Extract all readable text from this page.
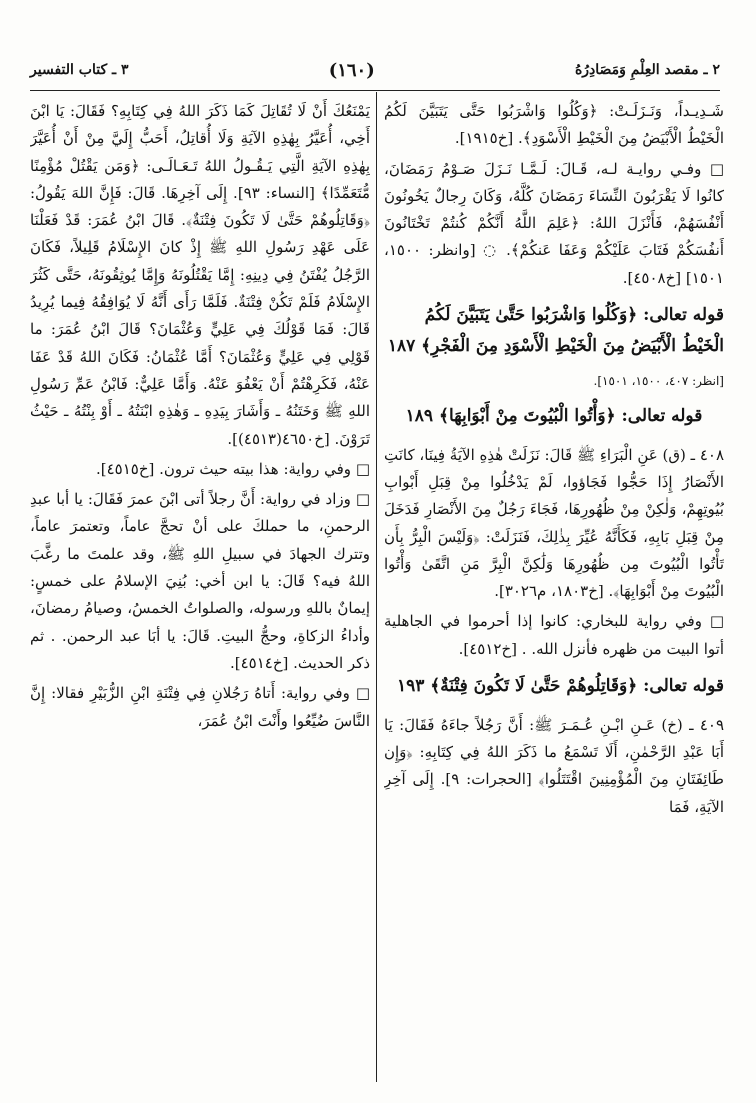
٢ ـ مقصد العِلْمِ وَمَصَادِرُهُ
(١٦٠)
٣ ـ كتاب التفسير

شَـدِيـداً، وَنَـزَلَـتْ: ﴿وَكُلُوا وَاشْرَبُوا حَتَّى يَتَبَيَّنَ لَكُمُ الْخَيْطُ الْأَبْيَضُ مِنَ الْخَيْطِ الْأَسْوَدِ﴾. [خ١٩١٥].

□ وفـي روايـة لـه، قَـالَ: لَـمَّـا نَـزَلَ صَـوْمُ رَمَضَانَ، كانُوا لَا يَقْرَبُونَ النِّسَاءَ رَمَضَانَ كُلَّهُ، وَكَانَ رِجالٌ يَخُونُونَ أَنْفُسَهُمْ، فَأَنْزَلَ اللهُ: ﴿عَلِمَ اللَّهُ أَنَّكُمْ كُنتُمْ تَخْتَانُونَ أَنفُسَكُمْ فَتَابَ عَلَيْكُمْ وَعَفَا عَنكُمْ﴾. ◌ [وانظر: ١٥٠٠، ١٥٠١] [خ٤٥٠٨].

قوله تعالى: ﴿وَكُلُوا وَاشْرَبُوا حَتَّىٰ يَتَبَيَّنَ لَكُمُ الْخَيْطُ الْأَبْيَضُ مِنَ الْخَيْطِ الْأَسْوَدِ مِنَ الْفَجْرِ﴾ ١٨٧

[انظر: ٤٠٧، ١٥٠٠، ١٥٠١].

قوله تعالى: ﴿وَأْتُوا الْبُيُوتَ مِنْ أَبْوَابِهَا﴾ ١٨٩

٤٠٨ ـ (ق) عَنِ الْبَرَاءِ ﷺ قَالَ: نَزَلَتْ هٰذِهِ الآيَةُ فِينَا، كانَتِ الأَنْصَارُ إِذَا حَجُّوا فَجَاؤوا، لَمْ يَدْخُلُوا مِنْ قِبَلِ أَبْوابِ بُيُوتِهِمْ، وَلٰكِنْ مِنْ ظُهُورِهَا، فَجَاءَ رَجُلٌ مِنَ الأَنْصَارِ فَدَخَلَ مِنْ قِبَلِ بَابِهِ، فَكَأَنَّهُ عُيِّرَ بِذٰلِكَ، فَنَزَلَتْ: ﴿وَلَيْسَ الْبِرُّ بِأَن تَأْتُوا الْبُيُوتَ مِن ظُهُورِهَا وَلَٰكِنَّ الْبِرَّ مَنِ اتَّقَىٰ وَأْتُوا الْبُيُوتَ مِنْ أَبْوَابِهَا﴾. [خ١٨٠٣، م٣٠٢٦].

□ وفي رواية للبخاري: كانوا إذا أحرموا في الجاهلية أتوا البيت من ظهره فأنزل الله. . [خ٤٥١٢].

قوله تعالى: ﴿وَقَاتِلُوهُمْ حَتَّىٰ لَا تَكُونَ فِتْنَةٌ﴾ ١٩٣

٤٠٩ ـ (خ) عَـنِ ابْـنِ عُـمَـرَ ﷺ: أَنَّ رَجُلاً جاءَهُ فَقَالَ: يَا أَبَا عَبْدِ الرَّحْمٰنِ، أَلَا تَسْمَعُ ما ذَكَرَ اللهُ فِي كِتَابِهِ: ﴿وَإِن طَائِفَتَانِ مِنَ الْمُؤْمِنِينَ اقْتَتَلُوا﴾ [الحجرات: ٩]. إِلَى آخِرِ الآيَةِ، فَمَا

يَمْنَعُكَ أَنْ لَا تُقَاتِلَ كَمَا ذَكَرَ اللهُ فِي كِتَابِهِ؟ فَقَالَ: يَا ابْنَ أَخِي، أُعَيَّرُ بِهٰذِهِ الآيَةِ وَلَا أُقاتِلُ، أَحَبُّ إِلَيَّ مِنْ أَنْ أُعَيَّرَ بِهٰذِهِ الآيَةِ الَّتِي يَـقُـولُ اللهُ تَـعَـالَـى: ﴿وَمَن يَقْتُلْ مُؤْمِنًا مُّتَعَمِّدًا﴾ [النساء: ٩٣]. إِلَى آخِرِهَا. قَالَ: فَإِنَّ اللهَ يَقُولُ: ﴿وَقَاتِلُوهُمْ حَتَّىٰ لَا تَكُونَ فِتْنَةٌ﴾. قَالَ ابْنُ عُمَرَ: قَدْ فَعَلْنَا عَلَى عَهْدِ رَسُولِ اللهِ ﷺ إِذْ كانَ الإِسْلَامُ قَلِيلاً، فَكَانَ الرَّجُلُ يُفْتَنُ فِي دِينِهِ: إِمَّا يَقْتُلُونَهُ وَإِمَّا يُوثِقُونَهُ، حَتَّى كَثُرَ الإِسْلَامُ فَلَمْ تَكُنْ فِتْنَةٌ. فَلَمَّا رَأَى أَنَّهُ لَا يُوَافِقُهُ فِيما يُرِيدُ قَالَ: فَمَا قَوْلُكَ فِي عَلِيٍّ وَعُثْمَانَ؟ قَالَ ابْنُ عُمَرَ: ما قَوْلِي فِي عَلِيٍّ وَعُثْمَانَ؟ أَمَّا عُثْمَانُ: فَكَانَ اللهُ قَدْ عَفَا عَنْهُ، فَكَرِهْتُمْ أَنْ يَعْفُوَ عَنْهُ. وَأَمَّا عَلِيٌّ: فَابْنُ عَمِّ رَسُولِ اللهِ ﷺ وَخَتَنُهُ ـ وَأَشَارَ بِيَدِهِ ـ وَهٰذِهِ ابْنَتُهُ ـ أَوْ بِنْتُهُ ـ حَيْثُ تَرَوْنَ. [خ٤٦٥٠(٤٥١٣)].

□ وفي رواية: هذا بيته حيث ترون. [خ٤٥١٥].

□ وزاد في رواية: أَنَّ رجلاً أتى ابْنَ عمرَ فَقَالَ: يا أبا عبدِ الرحمنِ، ما حملكَ على أنْ تحجَّ عاماً، وتعتمرَ عاماً، وتترك الجهادَ في سبيلِ اللهِ ﷺ، وقد علمتَ ما رغَّبَ اللهُ فيه؟ قَالَ: يا ابن أخي: بُنِيَ الإسلامُ على خمسٍ: إيمانٌ باللهِ ورسوله، والصلواتُ الخمسُ، وصيامُ رمضانَ، وأداءُ الزكاةِ، وحجُّ البيتِ. قَالَ: يا أبَا عبد الرحمن. . ثم ذكر الحديث. [خ٤٥١٤].

□ وفي رواية: أَتاهُ رَجُلانِ فِي فِتْنَةِ ابْنِ الزُّبَيْرِ فقالا: إِنَّ النَّاسَ ضُيِّعُوا وأَنْتَ ابْنُ عُمَرَ،
